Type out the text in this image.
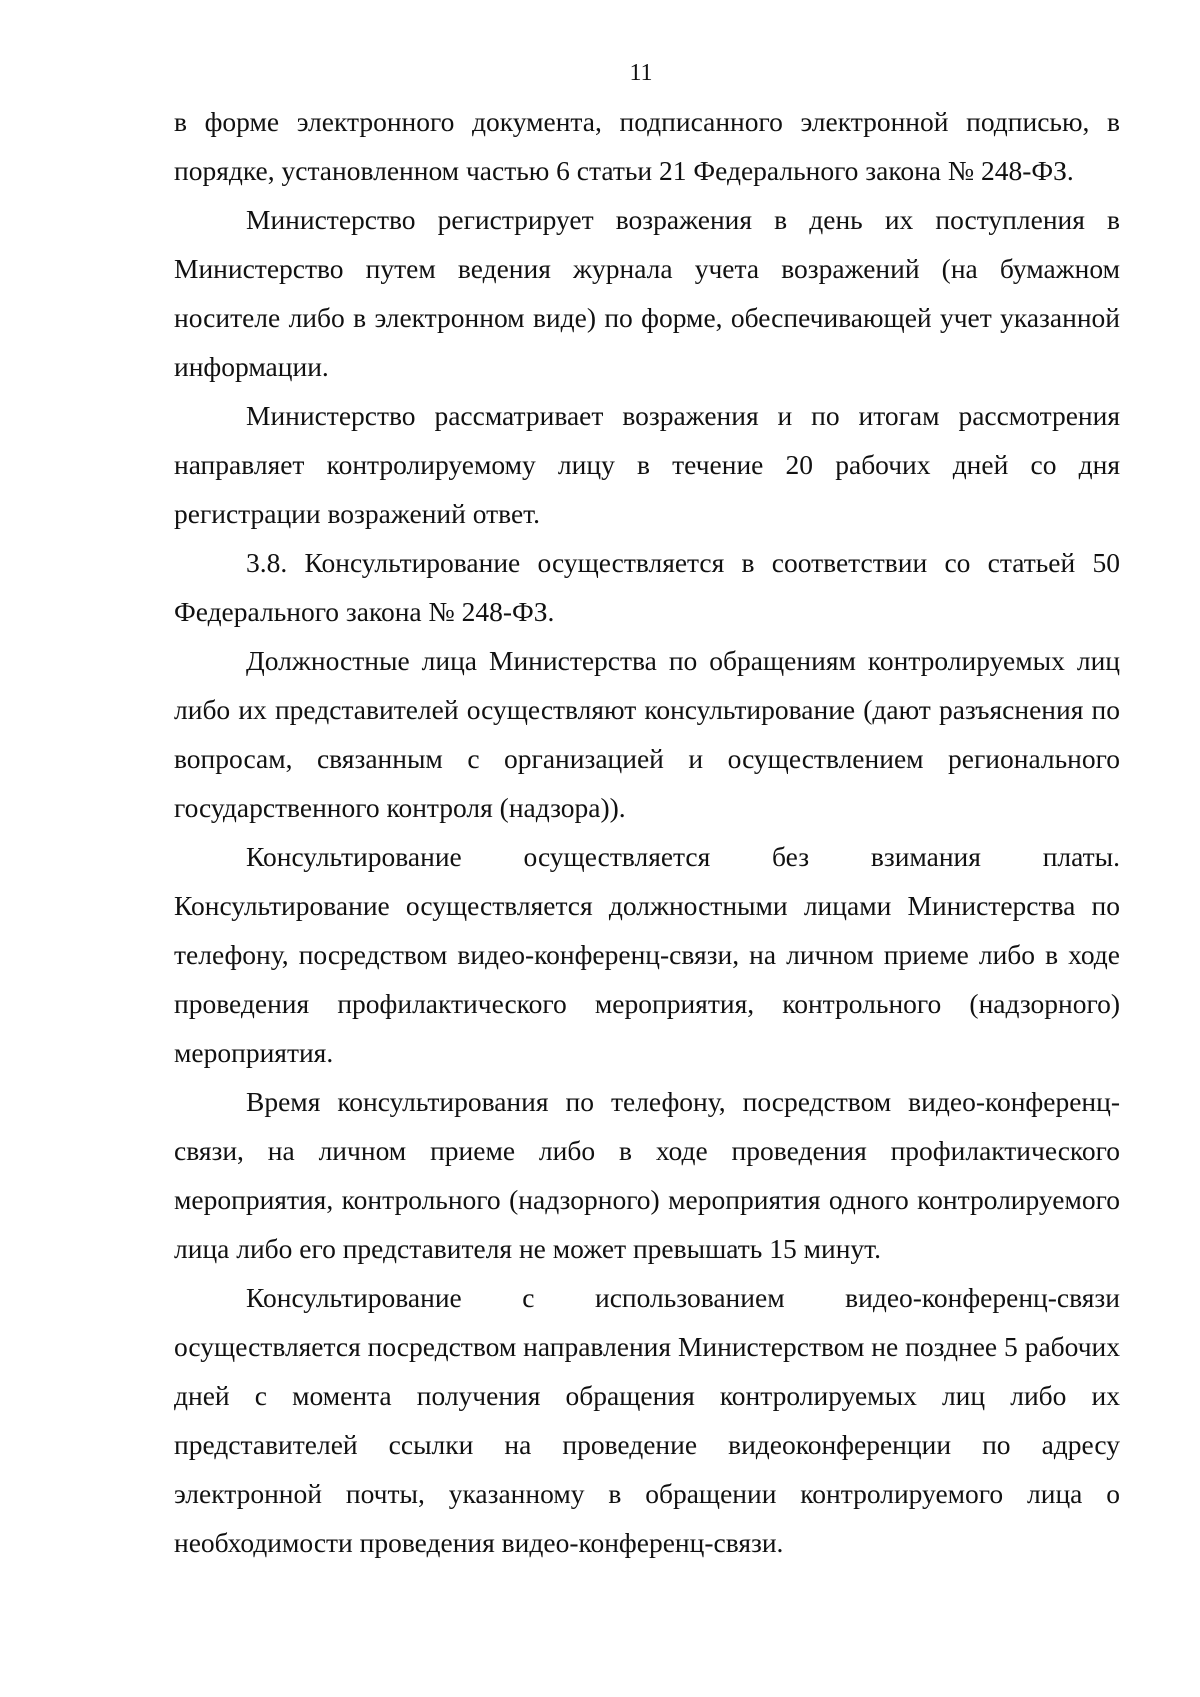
11

в форме электронного документа, подписанного электронной подписью, в порядке, установленном частью 6 статьи 21 Федерального закона № 248-ФЗ.

Министерство регистрирует возражения в день их поступления в Министерство путем ведения журнала учета возражений (на бумажном носителе либо в электронном виде) по форме, обеспечивающей учет указанной информации.

Министерство рассматривает возражения и по итогам рассмотрения направляет контролируемому лицу в течение 20 рабочих дней со дня регистрации возражений ответ.

3.8. Консультирование осуществляется в соответствии со статьей 50 Федерального закона № 248-ФЗ.

Должностные лица Министерства по обращениям контролируемых лиц либо их представителей осуществляют консультирование (дают разъяснения по вопросам, связанным с организацией и осуществлением регионального государственного контроля (надзора)).

Консультирование осуществляется без взимания платы. Консультирование осуществляется должностными лицами Министерства по телефону, посредством видео-конференц-связи, на личном приеме либо в ходе проведения профилактического мероприятия, контрольного (надзорного) мероприятия.

Время консультирования по телефону, посредством видео-конференц-связи, на личном приеме либо в ходе проведения профилактического мероприятия, контрольного (надзорного) мероприятия одного контролируемого лица либо его представителя не может превышать 15 минут.

Консультирование с использованием видео-конференц-связи осуществляется посредством направления Министерством не позднее 5 рабочих дней с момента получения обращения контролируемых лиц либо их представителей ссылки на проведение видеоконференции по адресу электронной почты, указанному в обращении контролируемого лица о необходимости проведения видео-конференц-связи.
